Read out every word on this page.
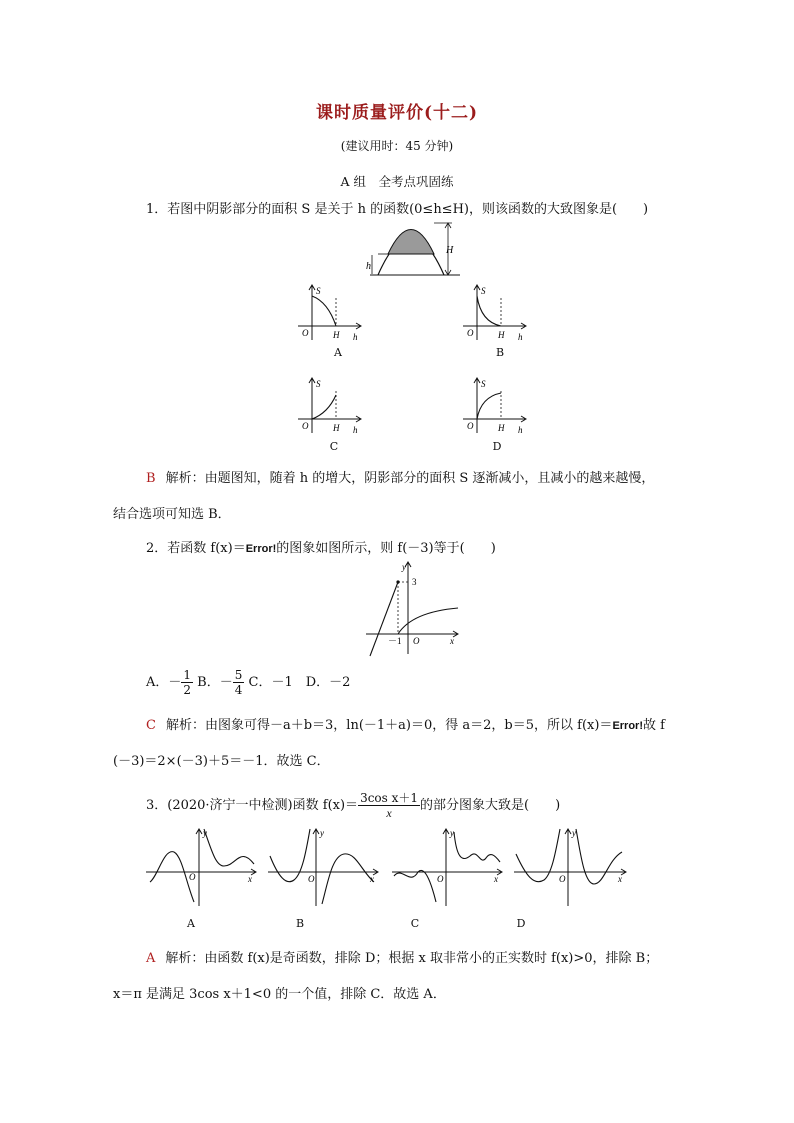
课时质量评价(十二)
(建议用时：45 分钟)
A 组　全考点巩固练
1．若图中阴影部分的面积 S 是关于 h 的函数(0≤h≤H)，则该函数的大致图象是(　　)
H
h
S
O	H h
A
S
O	H h
B
S
O	H h
C
S
O	H h
D
B 解析：由题图知，随着 h 的增大，阴影部分的面积 S 逐渐减小，且减小的越来越慢，
结合选项可知选 B．
2．若函数 f(x)＝Error!的图象如图所示，则 f(－3)等于(　　)
y
3
－1 O	x
A．－ $\frac{1}{2}$ B．－ $\frac{5}{4}$ C．－1　D．－2
C 解析：由图象可得－a＋b＝3，ln(－1＋a)＝0，得 a＝2，b＝5，所以 f(x)＝Error!故 f
(－3)＝2×(－3)＋5＝－1．故选 C．
3．(2020·济宁一中检测)函数 $f(x)= \frac{\text{3cos x＋1}}{x}$ 的部分图象大致是(　　)
y
O	x
A
y
O	x
B
y
O	x
C
y
O	x
D
A 解析：由函数 f(x)是奇函数，排除 D；根据 x 取非常小的正实数时 f(x)>0，排除 B；
x＝π 是满足 3cos x＋1<0 的一个值，排除 C．故选 A．
